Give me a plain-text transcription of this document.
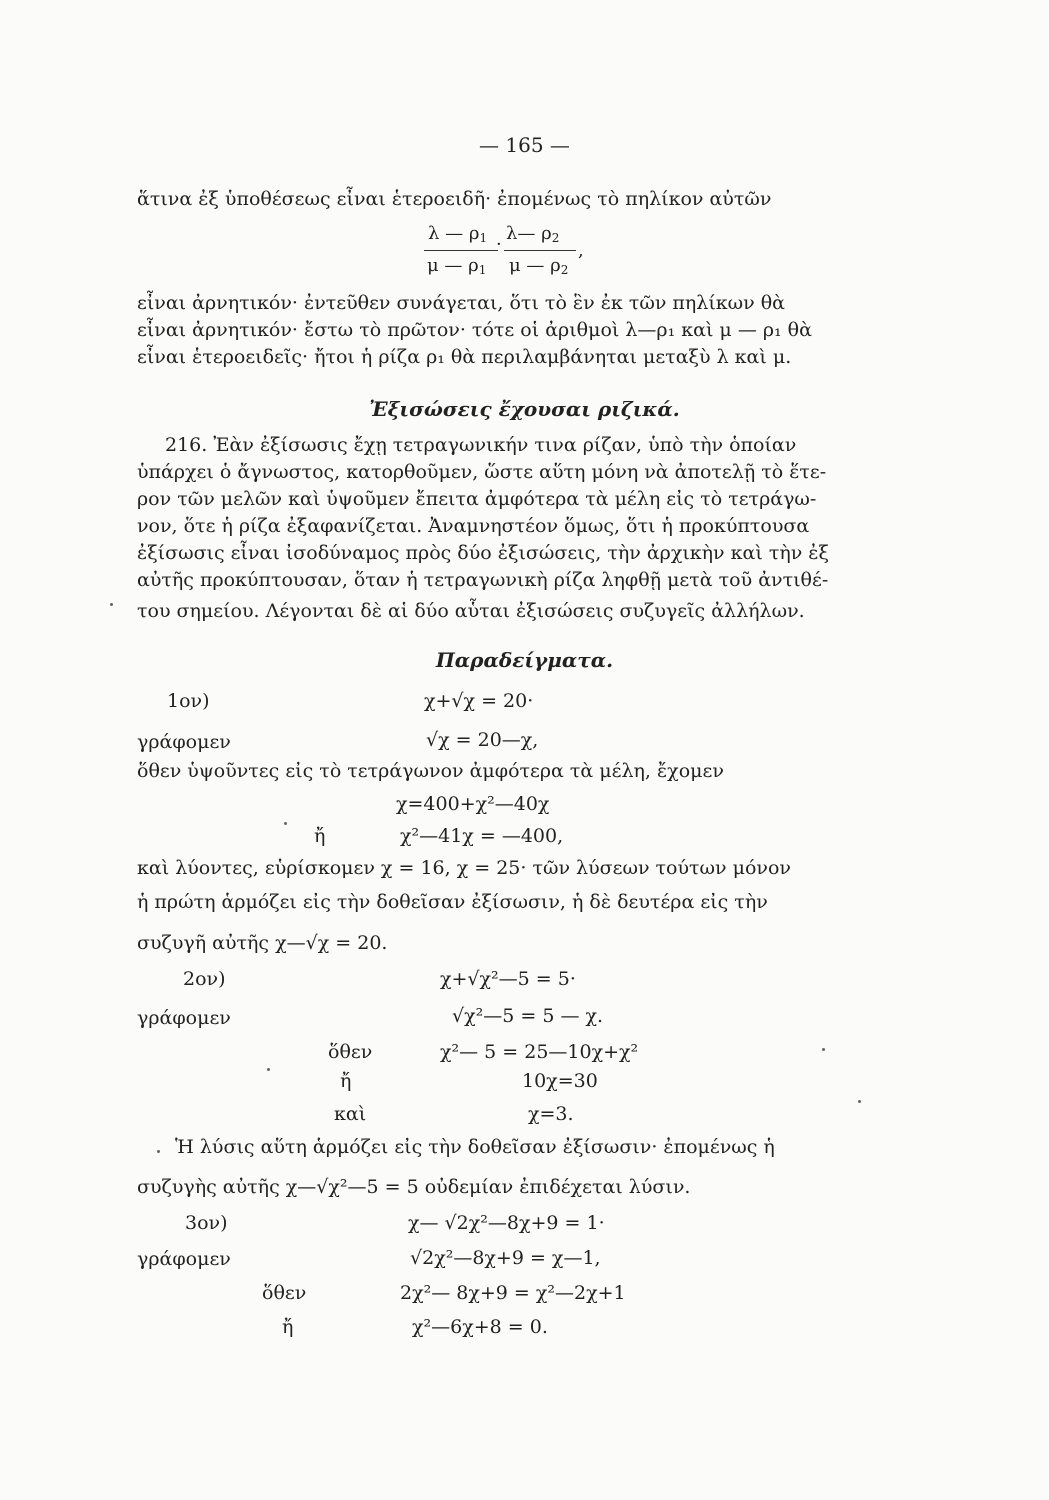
— 165 —
ἅτινα ἐξ ὑποθέσεως εἶναι ἑτεροειδῆ· ἐπομένως τὸ πηλίκον αὐτῶν
λ — $\rho_1$ λ— $\rho_2$
·	,
μ — $\rho_1$ μ — $\rho_2$
εἶναι ἀρνητικόν· ἐντεῦθεν συνάγεται, ὅτι τὸ ἓν ἐκ τῶν πηλίκων θὰ
εἶναι ἀρνητικόν· ἔστω τὸ πρῶτον· τότε οἱ ἀριθμοὶ λ—ρ₁ καὶ μ — ρ₁ θὰ
εἶναι ἑτεροειδεῖς· ἤτοι ἡ ρίζα ρ₁ θὰ περιλαμβάνηται μεταξὺ λ καὶ μ.
Ἐξισώσεις ἔχουσαι ριζικά.
216. Ἐὰν ἐξίσωσις ἔχῃ τετραγωνικήν τινα ρίζαν, ὑπὸ τὴν ὁποίαν
ὑπάρχει ὁ ἄγνωστος, κατορθοῦμεν, ὥστε αὕτη μόνη νὰ ἀποτελῇ τὸ ἕτε-
ρον τῶν μελῶν καὶ ὑψοῦμεν ἔπειτα ἀμφότερα τὰ μέλη εἰς τὸ τετράγω-
νον, ὅτε ἡ ρίζα ἐξαφανίζεται. Ἀναμνηστέον ὅμως, ὅτι ἡ προκύπτουσα
ἐξίσωσις εἶναι ἰσοδύναμος πρὸς δύο ἐξισώσεις, τὴν ἀρχικὴν καὶ τὴν ἐξ
αὐτῆς προκύπτουσαν, ὅταν ἡ τετραγωνικὴ ρίζα ληφθῇ μετὰ τοῦ ἀντιθέ-
του σημείου. Λέγονται δὲ αἱ δύο αὗται ἐξισώσεις συζυγεῖς ἀλλήλων.
Παραδείγματα.
1ον)	χ+√χ = 20·
γράφομεν	√χ = 20—χ,
ὅθεν ὑψοῦντες εἰς τὸ τετράγωνον ἀμφότερα τὰ μέλη, ἔχομεν
χ=400+χ²—40χ
ἤ	χ²—41χ = —400,
καὶ λύοντες, εὑρίσκομεν χ = 16, χ = 25· τῶν λύσεων τούτων μόνον
ἡ πρώτη ἁρμόζει εἰς τὴν δοθεῖσαν ἐξίσωσιν, ἡ δὲ δευτέρα εἰς τὴν
συζυγῆ αὐτῆς χ—√χ = 20.
2ον)	χ+√χ²—5 = 5·
γράφομεν	√χ²—5 = 5 — χ.
ὅθεν	χ²— 5 = 25—10χ+χ²
ἤ	10χ=30
καὶ	χ=3.
Ἡ λύσις αὕτη ἁρμόζει εἰς τὴν δοθεῖσαν ἐξίσωσιν· ἐπομένως ἡ
συζυγὴς αὐτῆς χ—√χ²—5 = 5 οὐδεμίαν ἐπιδέχεται λύσιν.
3ον)	χ— √2χ²—8χ+9 = 1·
γράφομεν	√2χ²—8χ+9 = χ—1,
ὅθεν	2χ²— 8χ+9 = χ²—2χ+1
ἤ	χ²—6χ+8 = 0.
